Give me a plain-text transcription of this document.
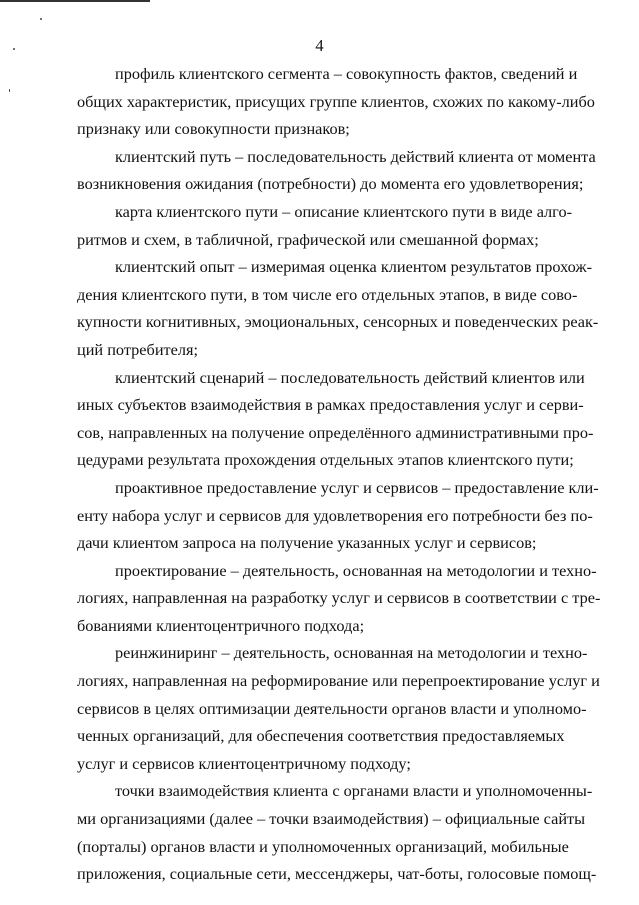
4
профиль клиентского сегмента – совокупность фактов, сведений и
общих характеристик, присущих группе клиентов, схожих по какому-либо
признаку или совокупности признаков;
клиентский путь – последовательность действий клиента от момента
возникновения ожидания (потребности) до момента его удовлетворения;
карта клиентского пути – описание клиентского пути в виде алго-
ритмов и схем, в табличной, графической или смешанной формах;
клиентский опыт – измеримая оценка клиентом результатов прохож-
дения клиентского пути, в том числе его отдельных этапов, в виде сово-
купности когнитивных, эмоциональных, сенсорных и поведенческих реак-
ций потребителя;
клиентский сценарий – последовательность действий клиентов или
иных субъектов взаимодействия в рамках предоставления услуг и серви-
сов, направленных на получение определённого административными про-
цедурами результата прохождения отдельных этапов клиентского пути;
проактивное предоставление услуг и сервисов – предоставление кли-
енту набора услуг и сервисов для удовлетворения его потребности без по-
дачи клиентом запроса на получение указанных услуг и сервисов;
проектирование – деятельность, основанная на методологии и техно-
логиях, направленная на разработку услуг и сервисов в соответствии с тре-
бованиями клиентоцентричного подхода;
реинжиниринг – деятельность, основанная на методологии и техно-
логиях, направленная на реформирование или перепроектирование услуг и
сервисов в целях оптимизации деятельности органов власти и уполномо-
ченных организаций, для обеспечения соответствия предоставляемых
услуг и сервисов клиентоцентричному подходу;
точки взаимодействия клиента с органами власти и уполномоченны-
ми организациями (далее – точки взаимодействия) – официальные сайты
(порталы) органов власти и уполномоченных организаций, мобильные
приложения, социальные сети, мессенджеры, чат-боты, голосовые помощ-
